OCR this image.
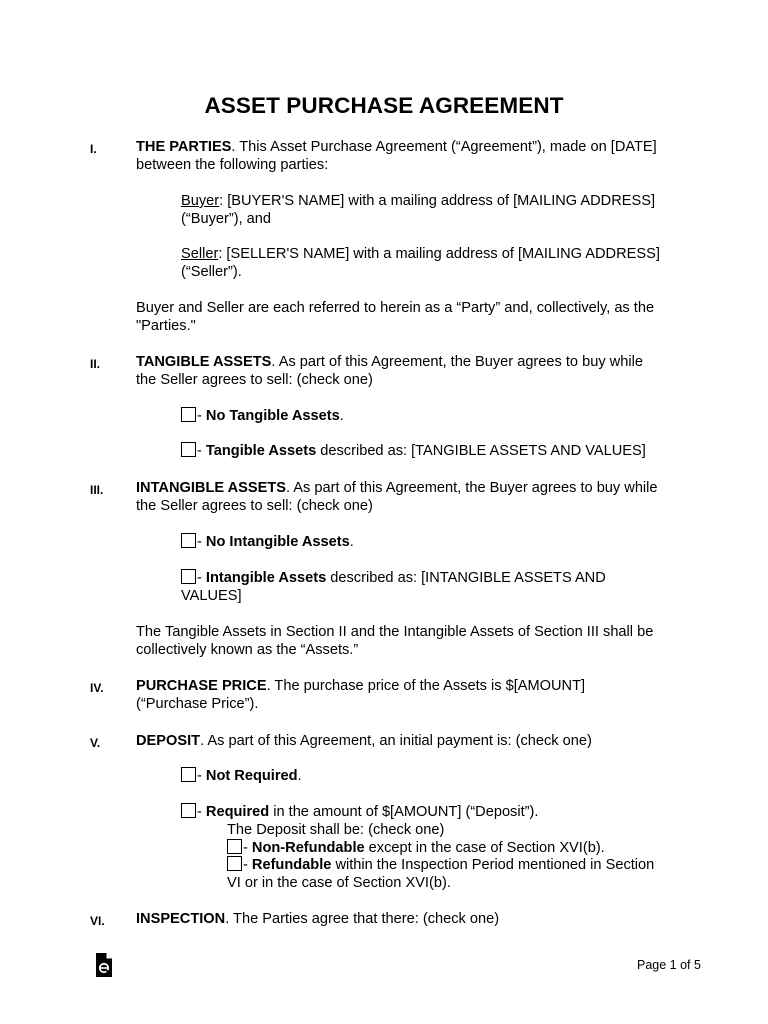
ASSET PURCHASE AGREEMENT
I.	THE PARTIES. This Asset Purchase Agreement (“Agreement”), made on [DATE]
between the following parties:
Buyer: [BUYER'S NAME] with a mailing address of [MAILING ADDRESS]
(“Buyer”), and
Seller: [SELLER'S NAME] with a mailing address of [MAILING ADDRESS]
(“Seller”).
Buyer and Seller are each referred to herein as a “Party” and, collectively, as the
"Parties."
II. TANGIBLE ASSETS. As part of this Agreement, the Buyer agrees to buy while
the Seller agrees to sell: (check one)
- No Tangible Assets.
- Tangible Assets described as: [TANGIBLE ASSETS AND VALUES]
III. INTANGIBLE ASSETS. As part of this Agreement, the Buyer agrees to buy while
the Seller agrees to sell: (check one)
- No Intangible Assets.
- Intangible Assets described as: [INTANGIBLE ASSETS AND
VALUES]
The Tangible Assets in Section II and the Intangible Assets of Section III shall be
collectively known as the “Assets.”
IV. PURCHASE PRICE. The purchase price of the Assets is $[AMOUNT]
(“Purchase Price”).
V. DEPOSIT. As part of this Agreement, an initial payment is: (check one)
- Not Required.
- Required in the amount of $[AMOUNT] (“Deposit”).
The Deposit shall be: (check one)
- Non-Refundable except in the case of Section XVI(b).
- Refundable within the Inspection Period mentioned in Section
VI or in the case of Section XVI(b).
VI. INSPECTION. The Parties agree that there: (check one)
Page 1 of 5
